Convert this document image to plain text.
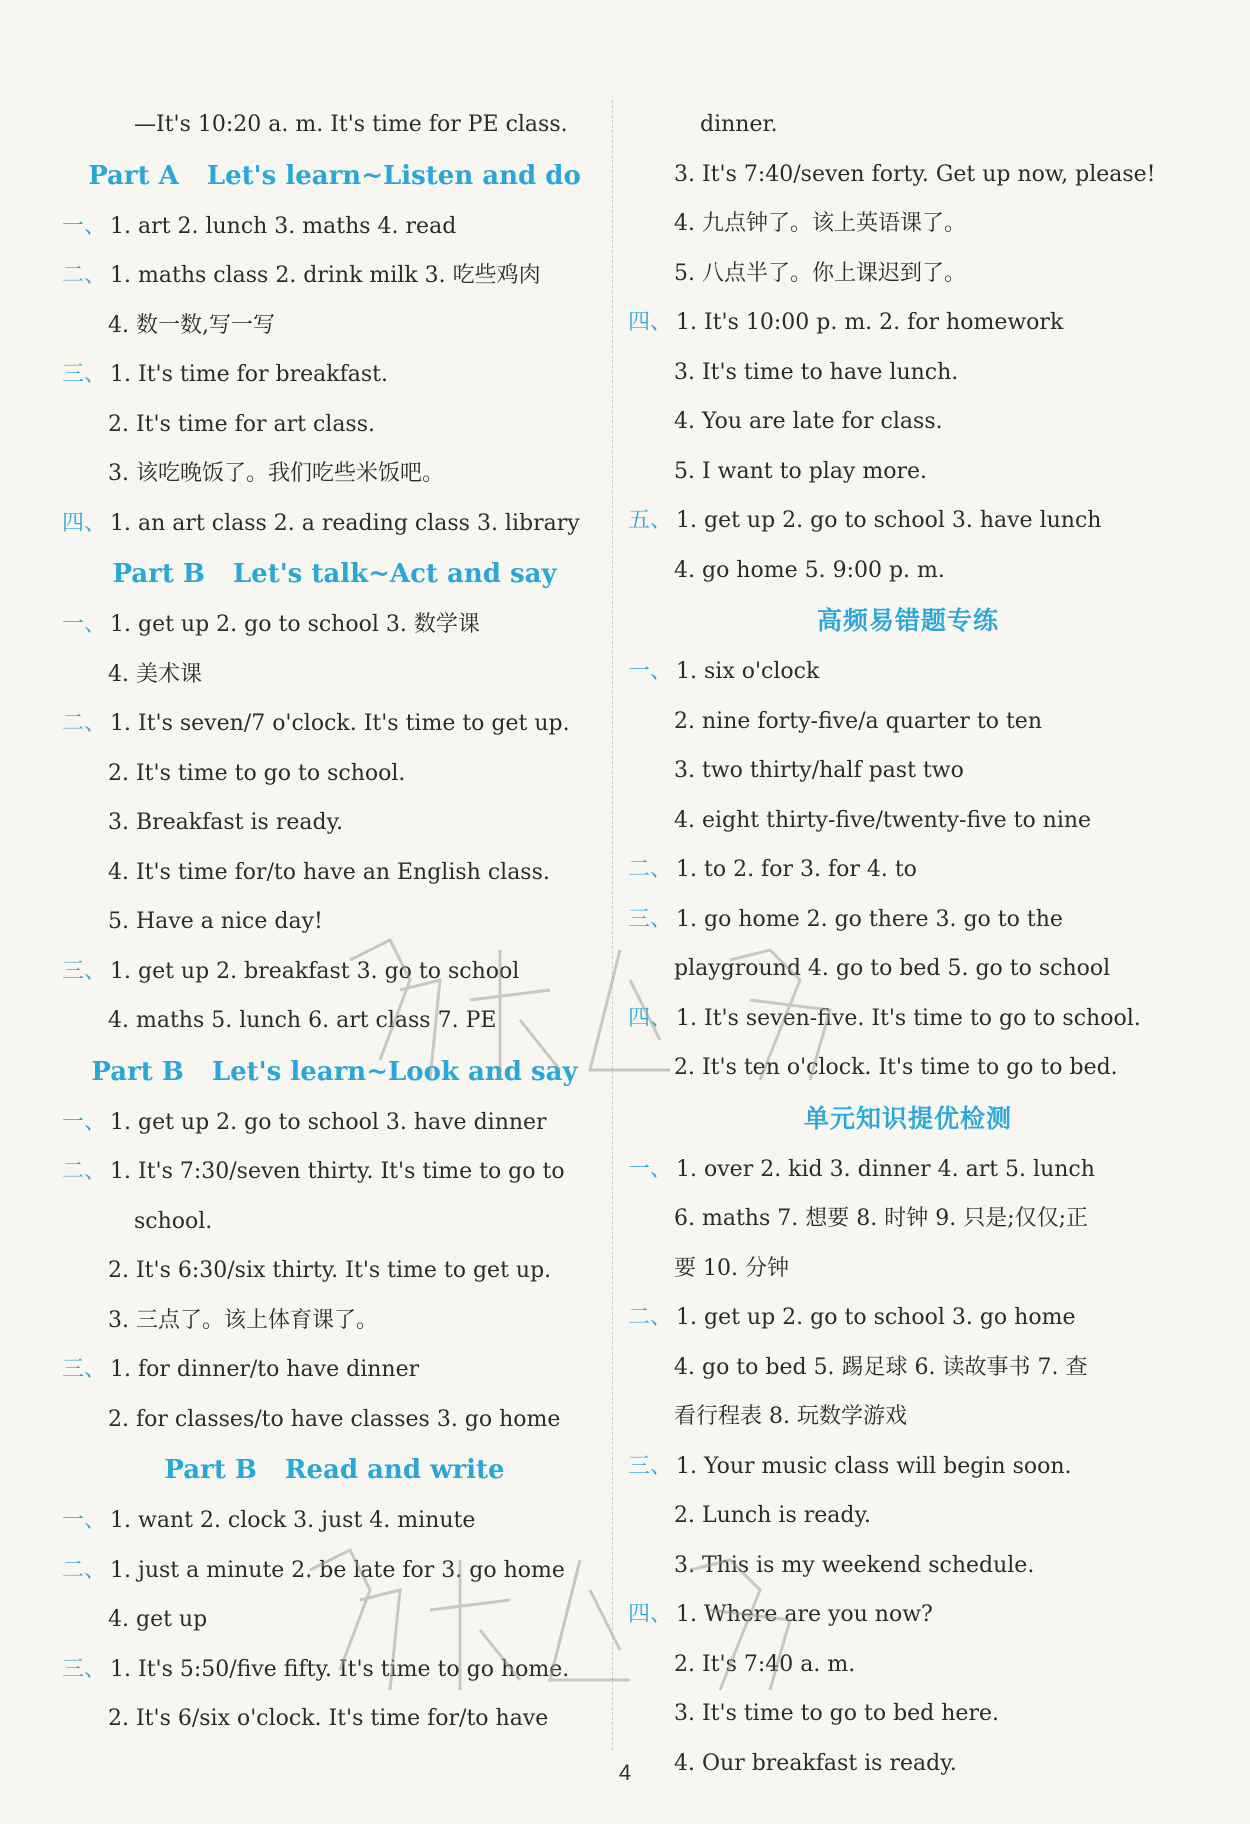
—It's 10:20 a. m. It's time for PE class.
Part A Let's learn~Listen and do
一、 1. art 2. lunch 3. maths 4. read
二、 1. maths class 2. drink milk 3. 吃些鸡肉
4. 数一数,写一写
三、 1. It's time for breakfast.
2. It's time for art class.
3. 该吃晚饭了。我们吃些米饭吧。
四、 1. an art class 2. a reading class 3. library
Part B Let's talk~Act and say
一、 1. get up 2. go to school 3. 数学课
4. 美术课
二、 1. It's seven/7 o'clock. It's time to get up.
2. It's time to go to school.
3. Breakfast is ready.
4. It's time for/to have an English class.
5. Have a nice day!
三、 1. get up 2. breakfast 3. go to school
4. maths 5. lunch 6. art class 7. PE
Part B Let's learn~Look and say
一、 1. get up 2. go to school 3. have dinner
二、 1. It's 7:30/seven thirty. It's time to go to
school.
2. It's 6:30/six thirty. It's time to get up.
3. 三点了。该上体育课了。
三、 1. for dinner/to have dinner
2. for classes/to have classes 3. go home
Part B Read and write
一、 1. want 2. clock 3. just 4. minute
二、 1. just a minute 2. be late for 3. go home
4. get up
三、 1. It's 5:50/five fifty. It's time to go home.
2. It's 6/six o'clock. It's time for/to have
dinner.
3. It's 7:40/seven forty. Get up now, please!
4. 九点钟了。该上英语课了。
5. 八点半了。你上课迟到了。
四、 1. It's 10:00 p. m. 2. for homework
3. It's time to have lunch.
4. You are late for class.
5. I want to play more.
五、 1. get up 2. go to school 3. have lunch
4. go home 5. 9:00 p. m.
高频易错题专练
一、 1. six o'clock
2. nine forty-five/a quarter to ten
3. two thirty/half past two
4. eight thirty-five/twenty-five to nine
二、 1. to 2. for 3. for 4. to
三、 1. go home 2. go there 3. go to the
playground 4. go to bed 5. go to school
四、 1. It's seven-five. It's time to go to school.
2. It's ten o'clock. It's time to go to bed.
单元知识提优检测
一、 1. over 2. kid 3. dinner 4. art 5. lunch
6. maths 7. 想要 8. 时钟 9. 只是;仅仅;正
要 10. 分钟
二、 1. get up 2. go to school 3. go home
4. go to bed 5. 踢足球 6. 读故事书 7. 查
看行程表 8. 玩数学游戏
三、 1. Your music class will begin soon.
2. Lunch is ready.
3. This is my weekend schedule.
四、 1. Where are you now?
2. It's 7:40 a. m.
3. It's time to go to bed here.
4. Our breakfast is ready.
4
